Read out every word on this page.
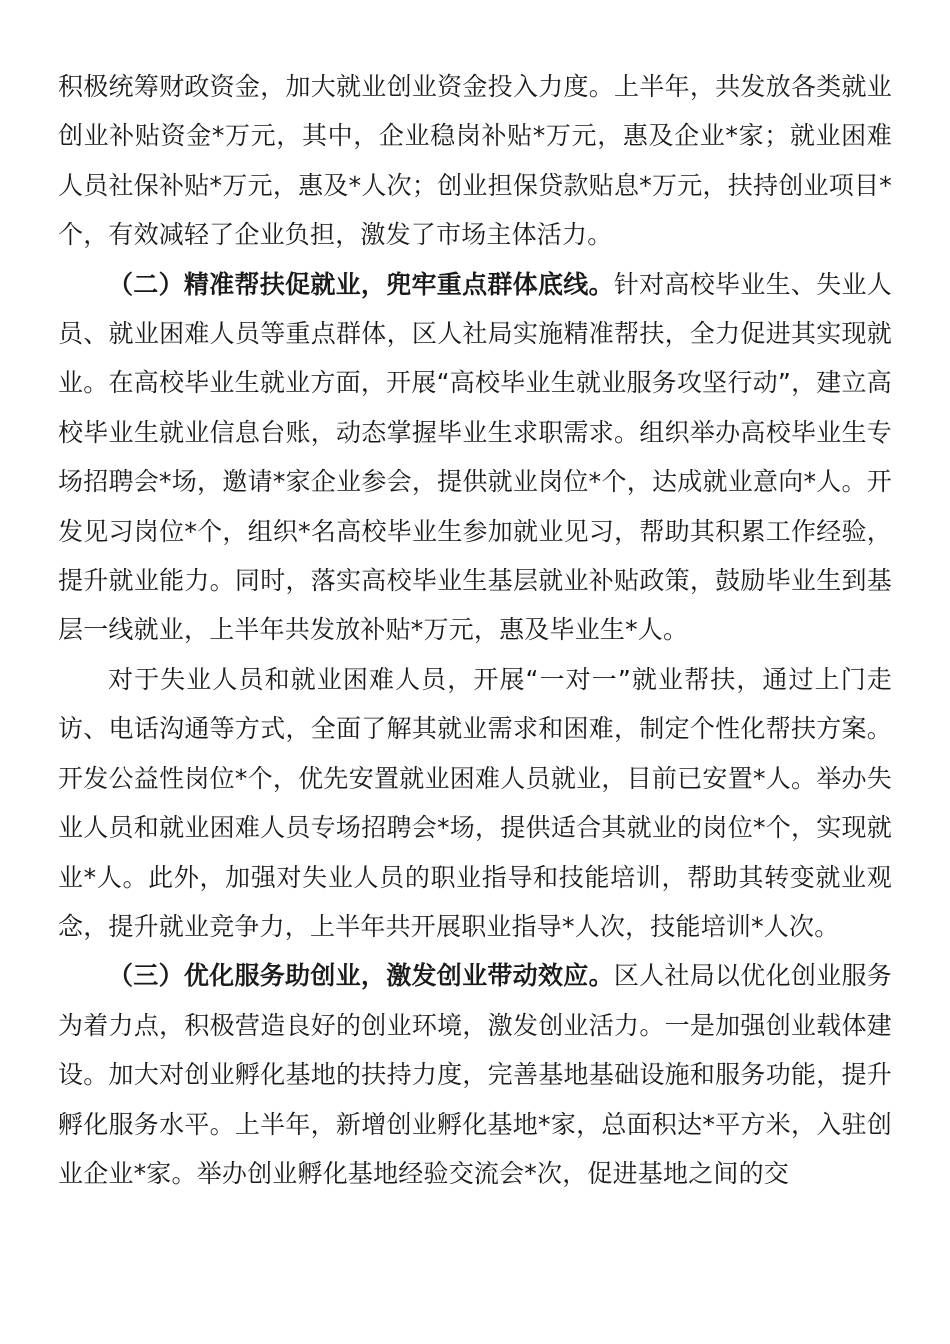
积极统筹财政资金，加大就业创业资金投入力度。上半年，共发放各类就业创业补贴资金*万元，其中，企业稳岗补贴*万元，惠及企业*家；就业困难人员社保补贴*万元，惠及*人次；创业担保贷款贴息*万元，扶持创业项目*个，有效减轻了企业负担，激发了市场主体活力。

（二）精准帮扶促就业，兜牢重点群体底线。针对高校毕业生、失业人员、就业困难人员等重点群体，区人社局实施精准帮扶，全力促进其实现就业。在高校毕业生就业方面，开展“高校毕业生就业服务攻坚行动”，建立高校毕业生就业信息台账，动态掌握毕业生求职需求。组织举办高校毕业生专场招聘会*场，邀请*家企业参会，提供就业岗位*个，达成就业意向*人。开发见习岗位*个，组织*名高校毕业生参加就业见习，帮助其积累工作经验，提升就业能力。同时，落实高校毕业生基层就业补贴政策，鼓励毕业生到基层一线就业，上半年共发放补贴*万元，惠及毕业生*人。

对于失业人员和就业困难人员，开展“一对一”就业帮扶，通过上门走访、电话沟通等方式，全面了解其就业需求和困难，制定个性化帮扶方案。开发公益性岗位*个，优先安置就业困难人员就业，目前已安置*人。举办失业人员和就业困难人员专场招聘会*场，提供适合其就业的岗位*个，实现就业*人。此外，加强对失业人员的职业指导和技能培训，帮助其转变就业观念，提升就业竞争力，上半年共开展职业指导*人次，技能培训*人次。

（三）优化服务助创业，激发创业带动效应。区人社局以优化创业服务为着力点，积极营造良好的创业环境，激发创业活力。一是加强创业载体建设。加大对创业孵化基地的扶持力度，完善基地基础设施和服务功能，提升孵化服务水平。上半年，新增创业孵化基地*家，总面积达*平方米，入驻创业企业*家。举办创业孵化基地经验交流会*次，促进基地之间的交
